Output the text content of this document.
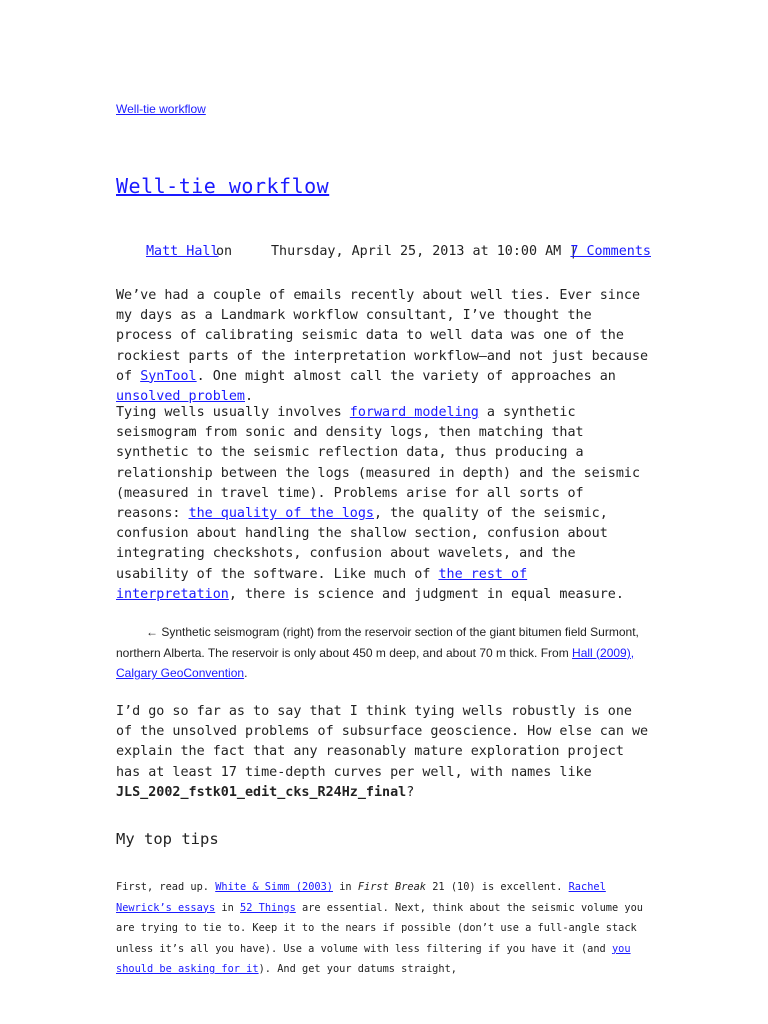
Well-tie workflow
Well-tie workflow
Matt Hall
on	Thursday, April 25, 2013 at 10:00 AM |
7 Comments

We’ve had a couple of emails recently about well ties. Ever since my days as a Landmark workflow consultant, I’ve thought the process of calibrating seismic data to well data was one of the rockiest parts of the interpretation workflow—and not just because of SynTool. One might almost call the variety of approaches an unsolved problem.

Tying wells usually involves forward modeling a synthetic seismogram from sonic and density logs, then matching that synthetic to the seismic reflection data, thus producing a relationship between the logs (measured in depth) and the seismic (measured in travel time). Problems arise for all sorts of reasons: the quality of the logs, the quality of the seismic, confusion about handling the shallow section, confusion about integrating checkshots, confusion about wavelets, and the usability of the software. Like much of the rest of interpretation, there is science and judgment in equal measure.

← Synthetic seismogram (right) from the reservoir section of the giant bitumen field Surmont, northern Alberta. The reservoir is only about 450 m deep, and about 70 m thick. From Hall (2009), Calgary GeoConvention.

I’d go so far as to say that I think tying wells robustly is one of the unsolved problems of subsurface geoscience. How else can we explain the fact that any reasonably mature exploration project has at least 17 time-depth curves per well, with names like JLS_2002_fstk01_edit_cks_R24Hz_final?

My top tips

First, read up. White & Simm (2003) in First Break 21 (10) is excellent. Rachel Newrick’s essays in 52 Things are essential. Next, think about the seismic volume you are trying to tie to. Keep it to the nears if possible (don’t use a full-angle stack unless it’s all you have). Use a volume with less filtering if you have it (and you should be asking for it). And get your datums straight,
